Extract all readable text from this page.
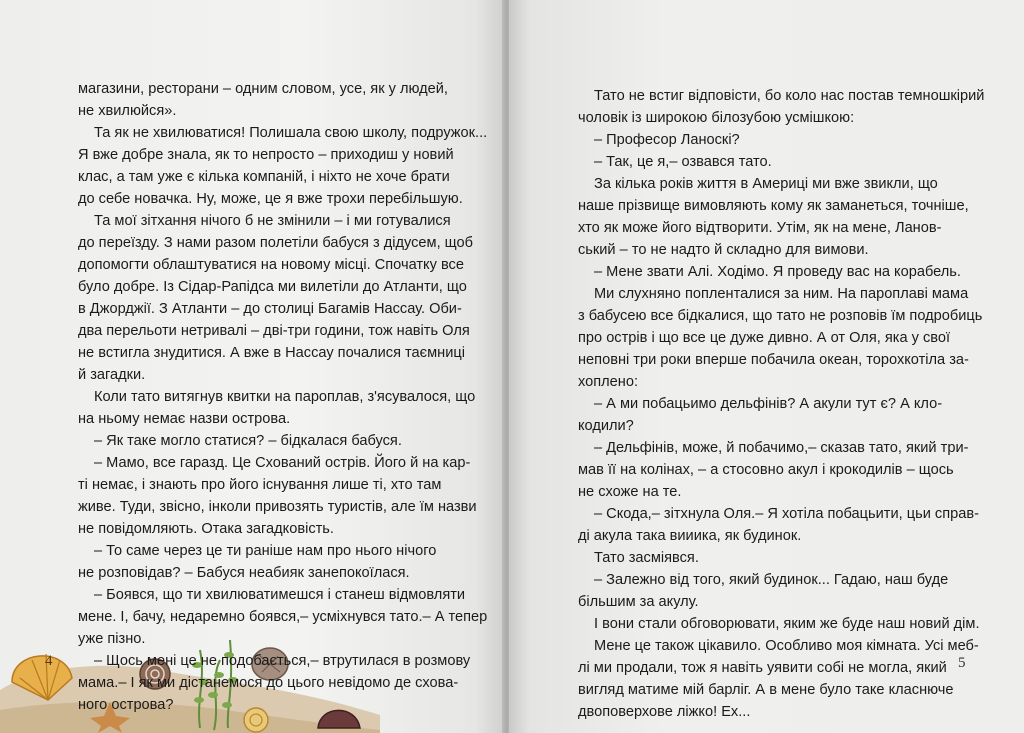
4
магазини, ресторани – одним словом, усе, як у людей,
не хвилюйся».
Та як не хвилюватися! Полишала свою школу, подружок...
Я вже добре знала, як то непросто – приходиш у новий
клас, а там уже є кілька компаній, і ніхто не хоче брати
до себе новачка. Ну, може, це я вже трохи перебільшую.
Та мої зітхання нічого б не змінили – і ми готувалися
до переїзду. З нами разом полетіли бабуся з дідусем, щоб
допомогти облаштуватися на новому місці. Спочатку все
було добре. Із Сідар-Рапідса ми вилетіли до Атланти, що
в Джорджії. З Атланти – до столиці Багамів Нассау. Оби-
два перельоти нетривалі – дві-три години, тож навіть Оля
не встигла знудитися. А вже в Нассау почалися таємниці
й загадки.
Коли тато витягнув квитки на пароплав, з'ясувалося, що
на ньому немає назви острова.
– Як таке могло статися? – бідкалася бабуся.
– Мамо, все гаразд. Це Схований острів. Його й на кар-
ті немає, і знають про його існування лише ті, хто там
живе. Туди, звісно, інколи привозять туристів, але їм назви
не повідомляють. Отака загадковість.
– То саме через це ти раніше нам про нього нічого
не розповідав? – Бабуся неабияк занепокоїлася.
– Боявся, що ти хвилюватимешся і станеш відмовляти
мене. І, бачу, недаремно боявся,– усміхнувся тато.– А тепер
уже пізно.
– Щось мені це не подобається,– втрутилася в розмову
мама.– І як ми дістанемося до цього невідомо де схова-
ного острова?
Тато не встиг відповісти, бо коло нас постав темношкірий
чоловік із широкою білозубою усмішкою:
– Професор Ланоскі?
– Так, це я,– озвався тато.
За кілька років життя в Америці ми вже звикли, що
наше прізвище вимовляють кому як заманеться, точніше,
хто як може його відтворити. Утім, як на мене, Ланов-
ський – то не надто й складно для вимови.
– Мене звати Алі. Ходімо. Я проведу вас на корабель.
Ми слухняно попленталися за ним. На пароплаві мама
з бабусею все бідкалися, що тато не розповів їм подробиць
про острів і що все це дуже дивно. А от Оля, яка у свої
неповні три роки вперше побачила океан, торохкотіла за-
хоплено:
– А ми побацьимо дельфінів? А акули тут є? А кло-
кодили?
– Дельфінів, може, й побачимо,– сказав тато, який три-
мав її на колінах, – а стосовно акул і крокодилів – щось
не схоже на те.
– Скода,– зітхнула Оля.– Я хотіла побацьити, цьи справ-
ді акула така вииика, як будинок.
Тато засміявся.
– Залежно від того, який будинок... Гадаю, наш буде
більшим за акулу.
І вони стали обговорювати, яким же буде наш новий дім.
Мене це також цікавило. Особливо моя кімната. Усі меб-
лі ми продали, тож я навіть уявити собі не могла, який
вигляд матиме мій барліг. А в мене було таке класнюче
двоповерхове ліжко! Ех...
5
